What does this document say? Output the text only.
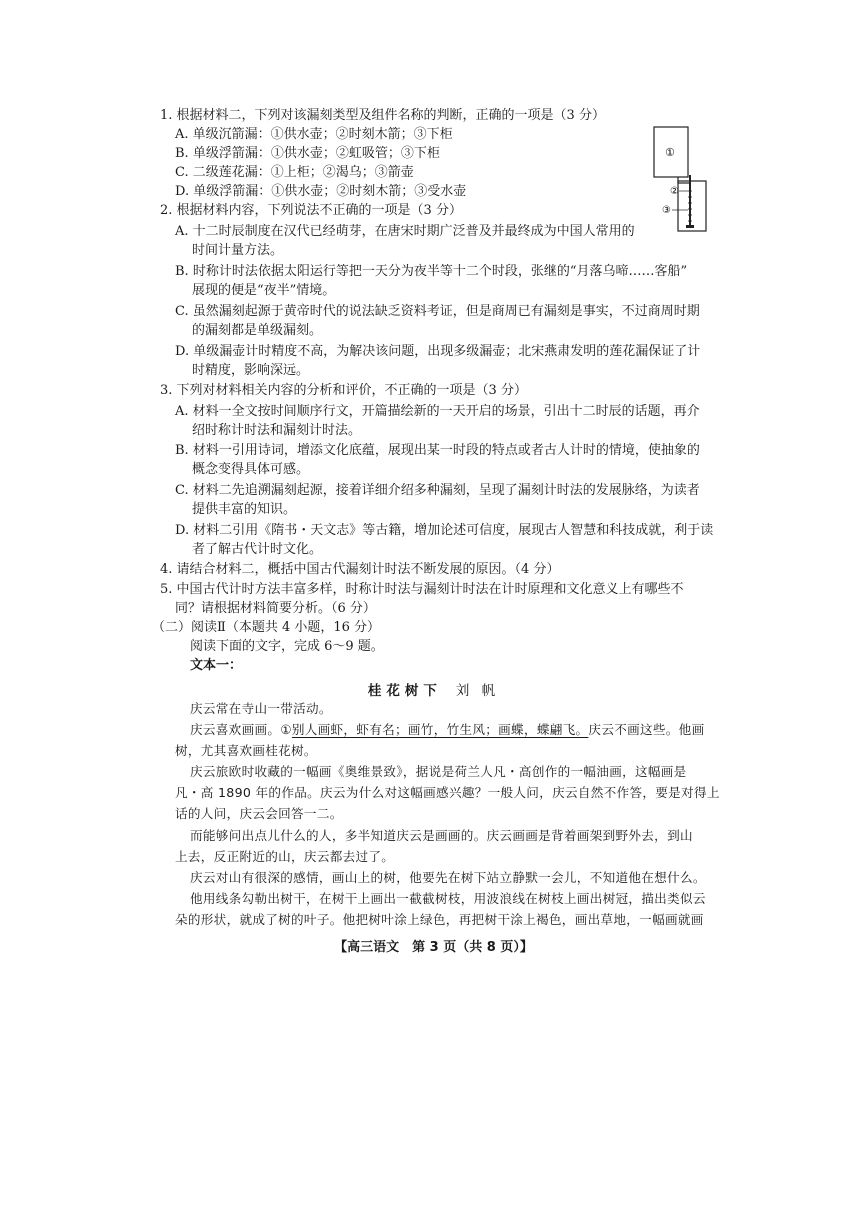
1. 根据材料二，下列对该漏刻类型及组件名称的判断，正确的一项是（3 分）
A. 单级沉箭漏：①供水壶；②时刻木箭；③下柜
B. 单级浮箭漏：①供水壶；②虹吸管；③下柜
C. 二级莲花漏：①上柜；②渴乌；③箭壶
D. 单级浮箭漏：①供水壶；②时刻木箭；③受水壶
①
②
③
2. 根据材料内容，下列说法不正确的一项是（3 分）
A. 十二时辰制度在汉代已经萌芽，在唐宋时期广泛普及并最终成为中国人常用的
时间计量方法。
B. 时称计时法依据太阳运行等把一天分为夜半等十二个时段，张继的“月落乌啼……客船”
展现的便是“夜半”情境。
C. 虽然漏刻起源于黄帝时代的说法缺乏资料考证，但是商周已有漏刻是事实，不过商周时期
的漏刻都是单级漏刻。
D. 单级漏壶计时精度不高，为解决该问题，出现多级漏壶；北宋燕肃发明的莲花漏保证了计
时精度，影响深远。
3. 下列对材料相关内容的分析和评价，不正确的一项是（3 分）
A. 材料一全文按时间顺序行文，开篇描绘新的一天开启的场景，引出十二时辰的话题，再介
绍时称计时法和漏刻计时法。
B. 材料一引用诗词，增添文化底蕴，展现出某一时段的特点或者古人计时的情境，使抽象的
概念变得具体可感。
C. 材料二先追溯漏刻起源，接着详细介绍多种漏刻，呈现了漏刻计时法的发展脉络，为读者
提供丰富的知识。
D. 材料二引用《隋书・天文志》等古籍，增加论述可信度，展现古人智慧和科技成就，利于读
者了解古代计时文化。
4. 请结合材料二，概括中国古代漏刻计时法不断发展的原因。（4 分）
5. 中国古代计时方法丰富多样，时称计时法与漏刻计时法在计时原理和文化意义上有哪些不
同？请根据材料简要分析。（6 分）
（二）阅读Ⅱ（本题共 4 小题，16 分）
阅读下面的文字，完成 6～9 题。
文本一：
桂花树下 刘 帆
庆云常在寺山一带活动。
庆云喜欢画画。①别人画虾，虾有名；画竹，竹生风；画蝶，蝶翩飞。庆云不画这些。他画
树，尤其喜欢画桂花树。
庆云旅欧时收藏的一幅画《奥维景致》，据说是荷兰人凡・高创作的一幅油画，这幅画是
凡・高 1890 年的作品。庆云为什么对这幅画感兴趣？一般人问，庆云自然不作答，要是对得上
话的人问，庆云会回答一二。
而能够问出点儿什么的人，多半知道庆云是画画的。庆云画画是背着画架到野外去，到山
上去，反正附近的山，庆云都去过了。
庆云对山有很深的感情，画山上的树，他要先在树下站立静默一会儿，不知道他在想什么。
他用线条勾勒出树干，在树干上画出一截截树枝，用波浪线在树枝上画出树冠，描出类似云
朵的形状，就成了树的叶子。他把树叶涂上绿色，再把树干涂上褐色，画出草地，一幅画就画
【高三语文　第 3 页（共 8 页）】
